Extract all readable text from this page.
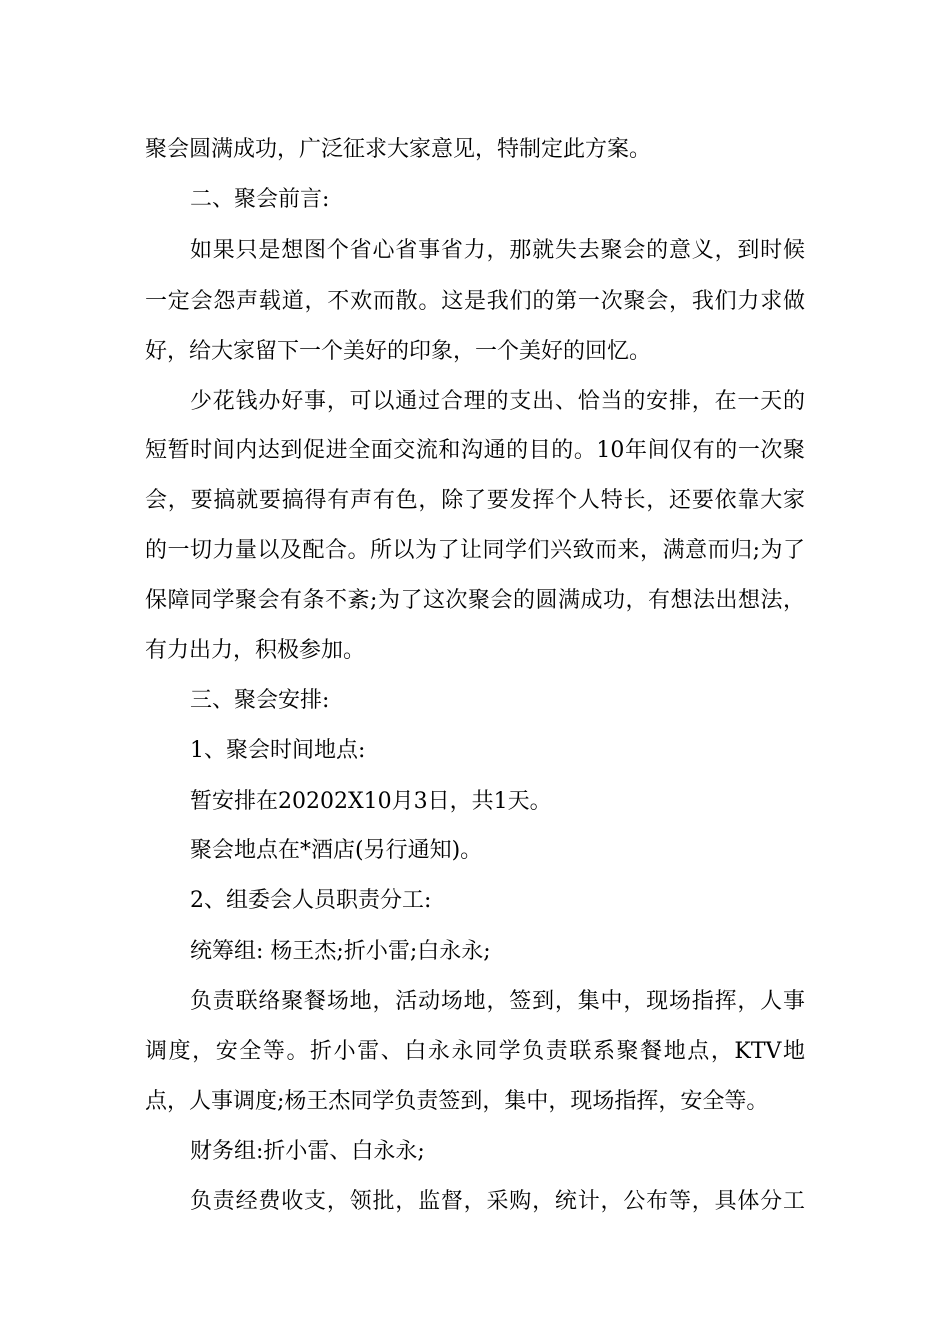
聚会圆满成功，广泛征求大家意见，特制定此方案。
二、聚会前言:
如果只是想图个省心省事省力，那就失去聚会的意义，到时候
一定会怨声载道，不欢而散。这是我们的第一次聚会，我们力求做
好，给大家留下一个美好的印象，一个美好的回忆。
少花钱办好事，可以通过合理的支出、恰当的安排，在一天的
短暂时间内达到促进全面交流和沟通的目的。10年间仅有的一次聚
会，要搞就要搞得有声有色，除了要发挥个人特长，还要依靠大家
的一切力量以及配合。所以为了让同学们兴致而来，满意而归;为了
保障同学聚会有条不紊;为了这次聚会的圆满成功，有想法出想法，
有力出力，积极参加。
三、聚会安排:
1、聚会时间地点:
暂安排在20202X10月3日，共1天。
聚会地点在*酒店(另行通知)。
2、组委会人员职责分工:
统筹组: 杨王杰;折小雷;白永永;
负责联络聚餐场地，活动场地，签到，集中，现场指挥，人事
调度，安全等。折小雷、白永永同学负责联系聚餐地点，KTV地
点，人事调度;杨王杰同学负责签到，集中，现场指挥，安全等。
财务组:折小雷、白永永;
负责经费收支，领批，监督，采购，统计，公布等，具体分工
